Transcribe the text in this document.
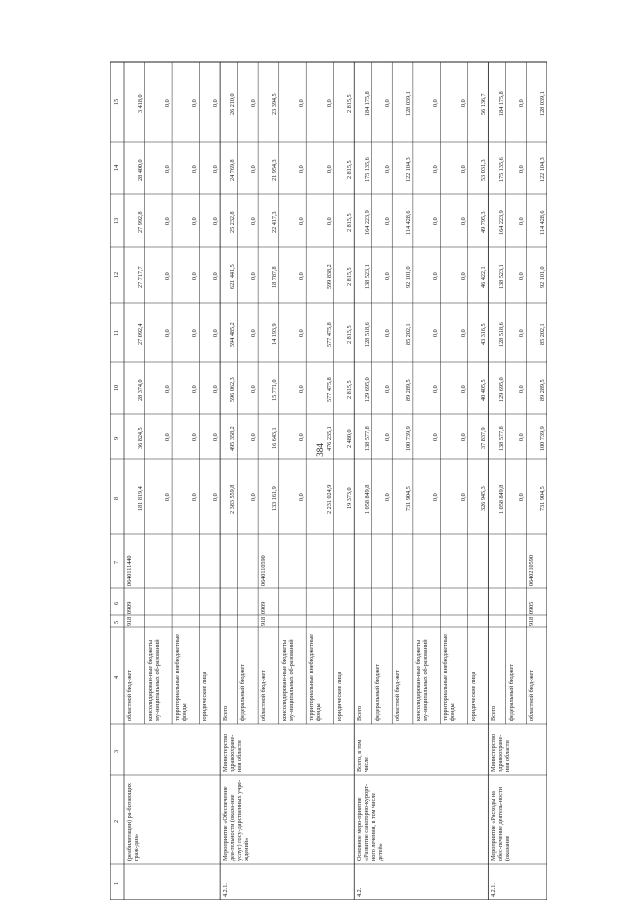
384
1
2
3
4
5
6
7
8
9
10
11
12
13
14
15
(реабилитации) ра-ботающих граж-дан»
областной бюд-жет
918
0909
0640111440
181 819,4
36 824,5
28 374,0
27 092,4
27 717,7
27 992,8
28 400,0
3 418,0
консолидирован-ные бюджеты му-ниципальных об-разований
0,0
0,0
0,0
0,0
0,0
0,0
0,0
0,0
территориальные внебюджетные фонды
0,0
0,0
0,0
0,0
0,0
0,0
0,0
0,0
юридические лица
0,0
0,0
0,0
0,0
0,0
0,0
0,0
0,0
4.2.1.
Мероприятие «Обеспечение дея-тельности (оказа-ние услуг) госу-дарственных учре-ждений»
Министерство здравоохране-ния области
Всего
2 383 559,8
495 358,2
596 062,3
594 485,2
621 441,5
25 232,8
24 769,8
26 210,0
федеральный бюджет
0,0
0,0
0,0
0,0
0,0
0,0
0,0
0,0
областной бюд-жет
918
0909
0640110590
133 161,9
16 643,1
15 771,0
14 193,9
18 787,8
22 417,3
21 954,3
23 394,5
консолидирован-ные бюджеты му-ниципальных об-разований
0,0
0,0
0,0
0,0
0,0
0,0
0,0
0,0
территориальные внебюджетные фонды
2 231 024,9
476 235,1
577 475,8
577 475,8
599 838,2
0,0
0,0
0,0
юридические лица
19 373,0
2 480,0
2 815,5
2 815,5
2 815,5
2 815,5
2 815,5
2 815,5
4.2.
Основное меро-приятие «Развитие санаторно-курорт-ного лечения, в том числе детей»
Всего, в том числе
Всего
1 058 849,8
138 577,8
129 695,0
128 518,6
138 523,1
164 223,9
175 135,6
184 175,8
федеральный бюджет
0,0
0,0
0,0
0,0
0,0
0,0
0,0
0,0
областной бюд-жет
731 904,5
100 739,9
89 289,5
85 202,1
92 101,0
114 428,6
122 104,3
128 039,1
консолидирован-ные бюджеты му-ниципальных об-разований
0,0
0,0
0,0
0,0
0,0
0,0
0,0
0,0
территориальные внебюджетные фонды
0,0
0,0
0,0
0,0
0,0
0,0
0,0
0,0
юридические лица
326 945,3
37 837,9
40 405,5
43 316,5
46 422,1
49 795,3
53 031,3
56 136,7
4.2.1.
Мероприятие «Расходы на обес-печение деятель-ности (оказание
Министерство здравоохране-ния области
Всего
1 058 849,8
138 577,8
129 695,0
128 518,6
138 523,1
164 223,9
175 135,6
184 175,8
федеральный бюджет
0,0
0,0
0,0
0,0
0,0
0,0
0,0
0,0
областной бюд-жет
918
0905
0640210590
731 904,5
100 739,9
89 289,5
85 202,1
92 101,0
114 428,6
122 104,3
128 039,1
